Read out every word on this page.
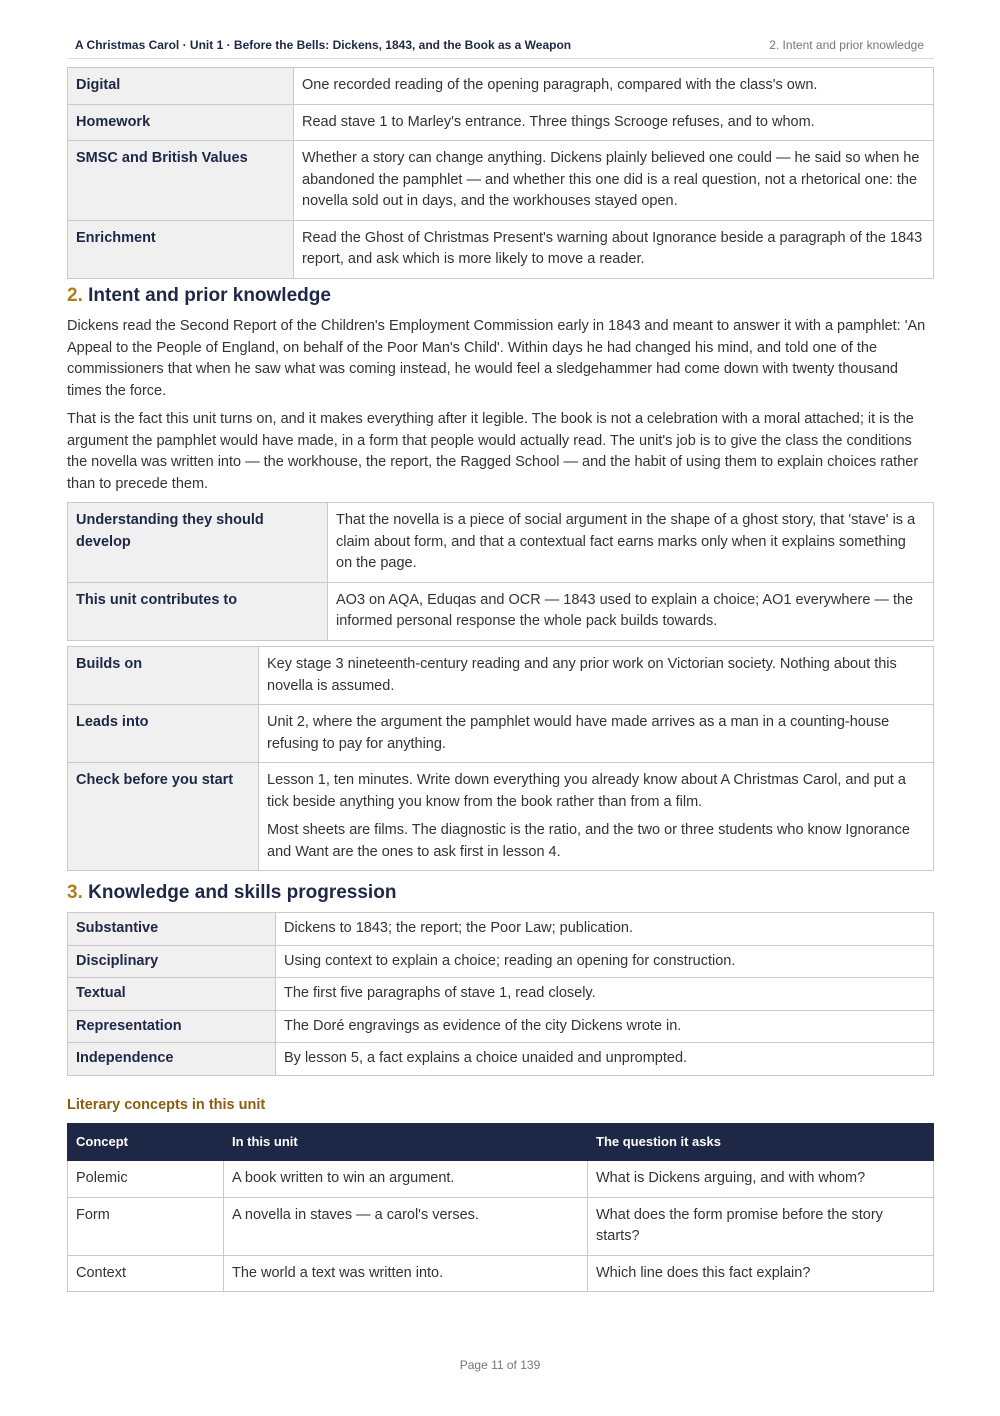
A Christmas Carol · Unit 1 · Before the Bells: Dickens, 1843, and the Book as a Weapon	2. Intent and prior knowledge
Digital	One recorded reading of the opening paragraph, compared with the class's own.
Homework	Read stave 1 to Marley's entrance. Three things Scrooge refuses, and to whom.
SMSC and British Values	Whether a story can change anything. Dickens plainly believed one could — he said so when he abandoned the pamphlet — and whether this one did is a real question, not a rhetorical one: the novella sold out in days, and the workhouses stayed open.
Enrichment	Read the Ghost of Christmas Present's warning about Ignorance beside a paragraph of the 1843 report, and ask which is more likely to move a reader.
2. Intent and prior knowledge

Dickens read the Second Report of the Children's Employment Commission early in 1843 and meant to answer it with a pamphlet: 'An Appeal to the People of England, on behalf of the Poor Man's Child'. Within days he had changed his mind, and told one of the commissioners that when he saw what was coming instead, he would feel a sledgehammer had come down with twenty thousand times the force.

That is the fact this unit turns on, and it makes everything after it legible. The book is not a celebration with a moral attached; it is the argument the pamphlet would have made, in a form that people would actually read. The unit's job is to give the class the conditions the novella was written into — the workhouse, the report, the Ragged School — and the habit of using them to explain choices rather than to precede them.

Understanding they should develop	That the novella is a piece of social argument in the shape of a ghost story, that 'stave' is a claim about form, and that a contextual fact earns marks only when it explains something on the page.
This unit contributes to	AO3 on AQA, Eduqas and OCR — 1843 used to explain a choice; AO1 everywhere — the informed personal response the whole pack builds towards.
Builds on	Key stage 3 nineteenth-century reading and any prior work on Victorian society. Nothing about this novella is assumed.

Leads into	Unit 2, where the argument the pamphlet would have made arrives as a man in a counting-house refusing to pay for anything.

Check before you start	Lesson 1, ten minutes. Write down everything you already know about A Christmas Carol, and put a tick beside anything you know from the book rather than from a film.

Most sheets are films. The diagnostic is the ratio, and the two or three students who know Ignorance and Want are the ones to ask first in lesson 4.

3. Knowledge and skills progression
Substantive	Dickens to 1843; the report; the Poor Law; publication.
Disciplinary	Using context to explain a choice; reading an opening for construction.
Textual	The first five paragraphs of stave 1, read closely.
Representation	The Doré engravings as evidence of the city Dickens wrote in.
Independence	By lesson 5, a fact explains a choice unaided and unprompted.
Literary concepts in this unit
Concept	In this unit	The question it asks
Polemic	A book written to win an argument.	What is Dickens arguing, and with whom?
Form	A novella in staves — a carol's verses.	What does the form promise before the story starts?
Context	The world a text was written into.	Which line does this fact explain?
Page 11 of 139
